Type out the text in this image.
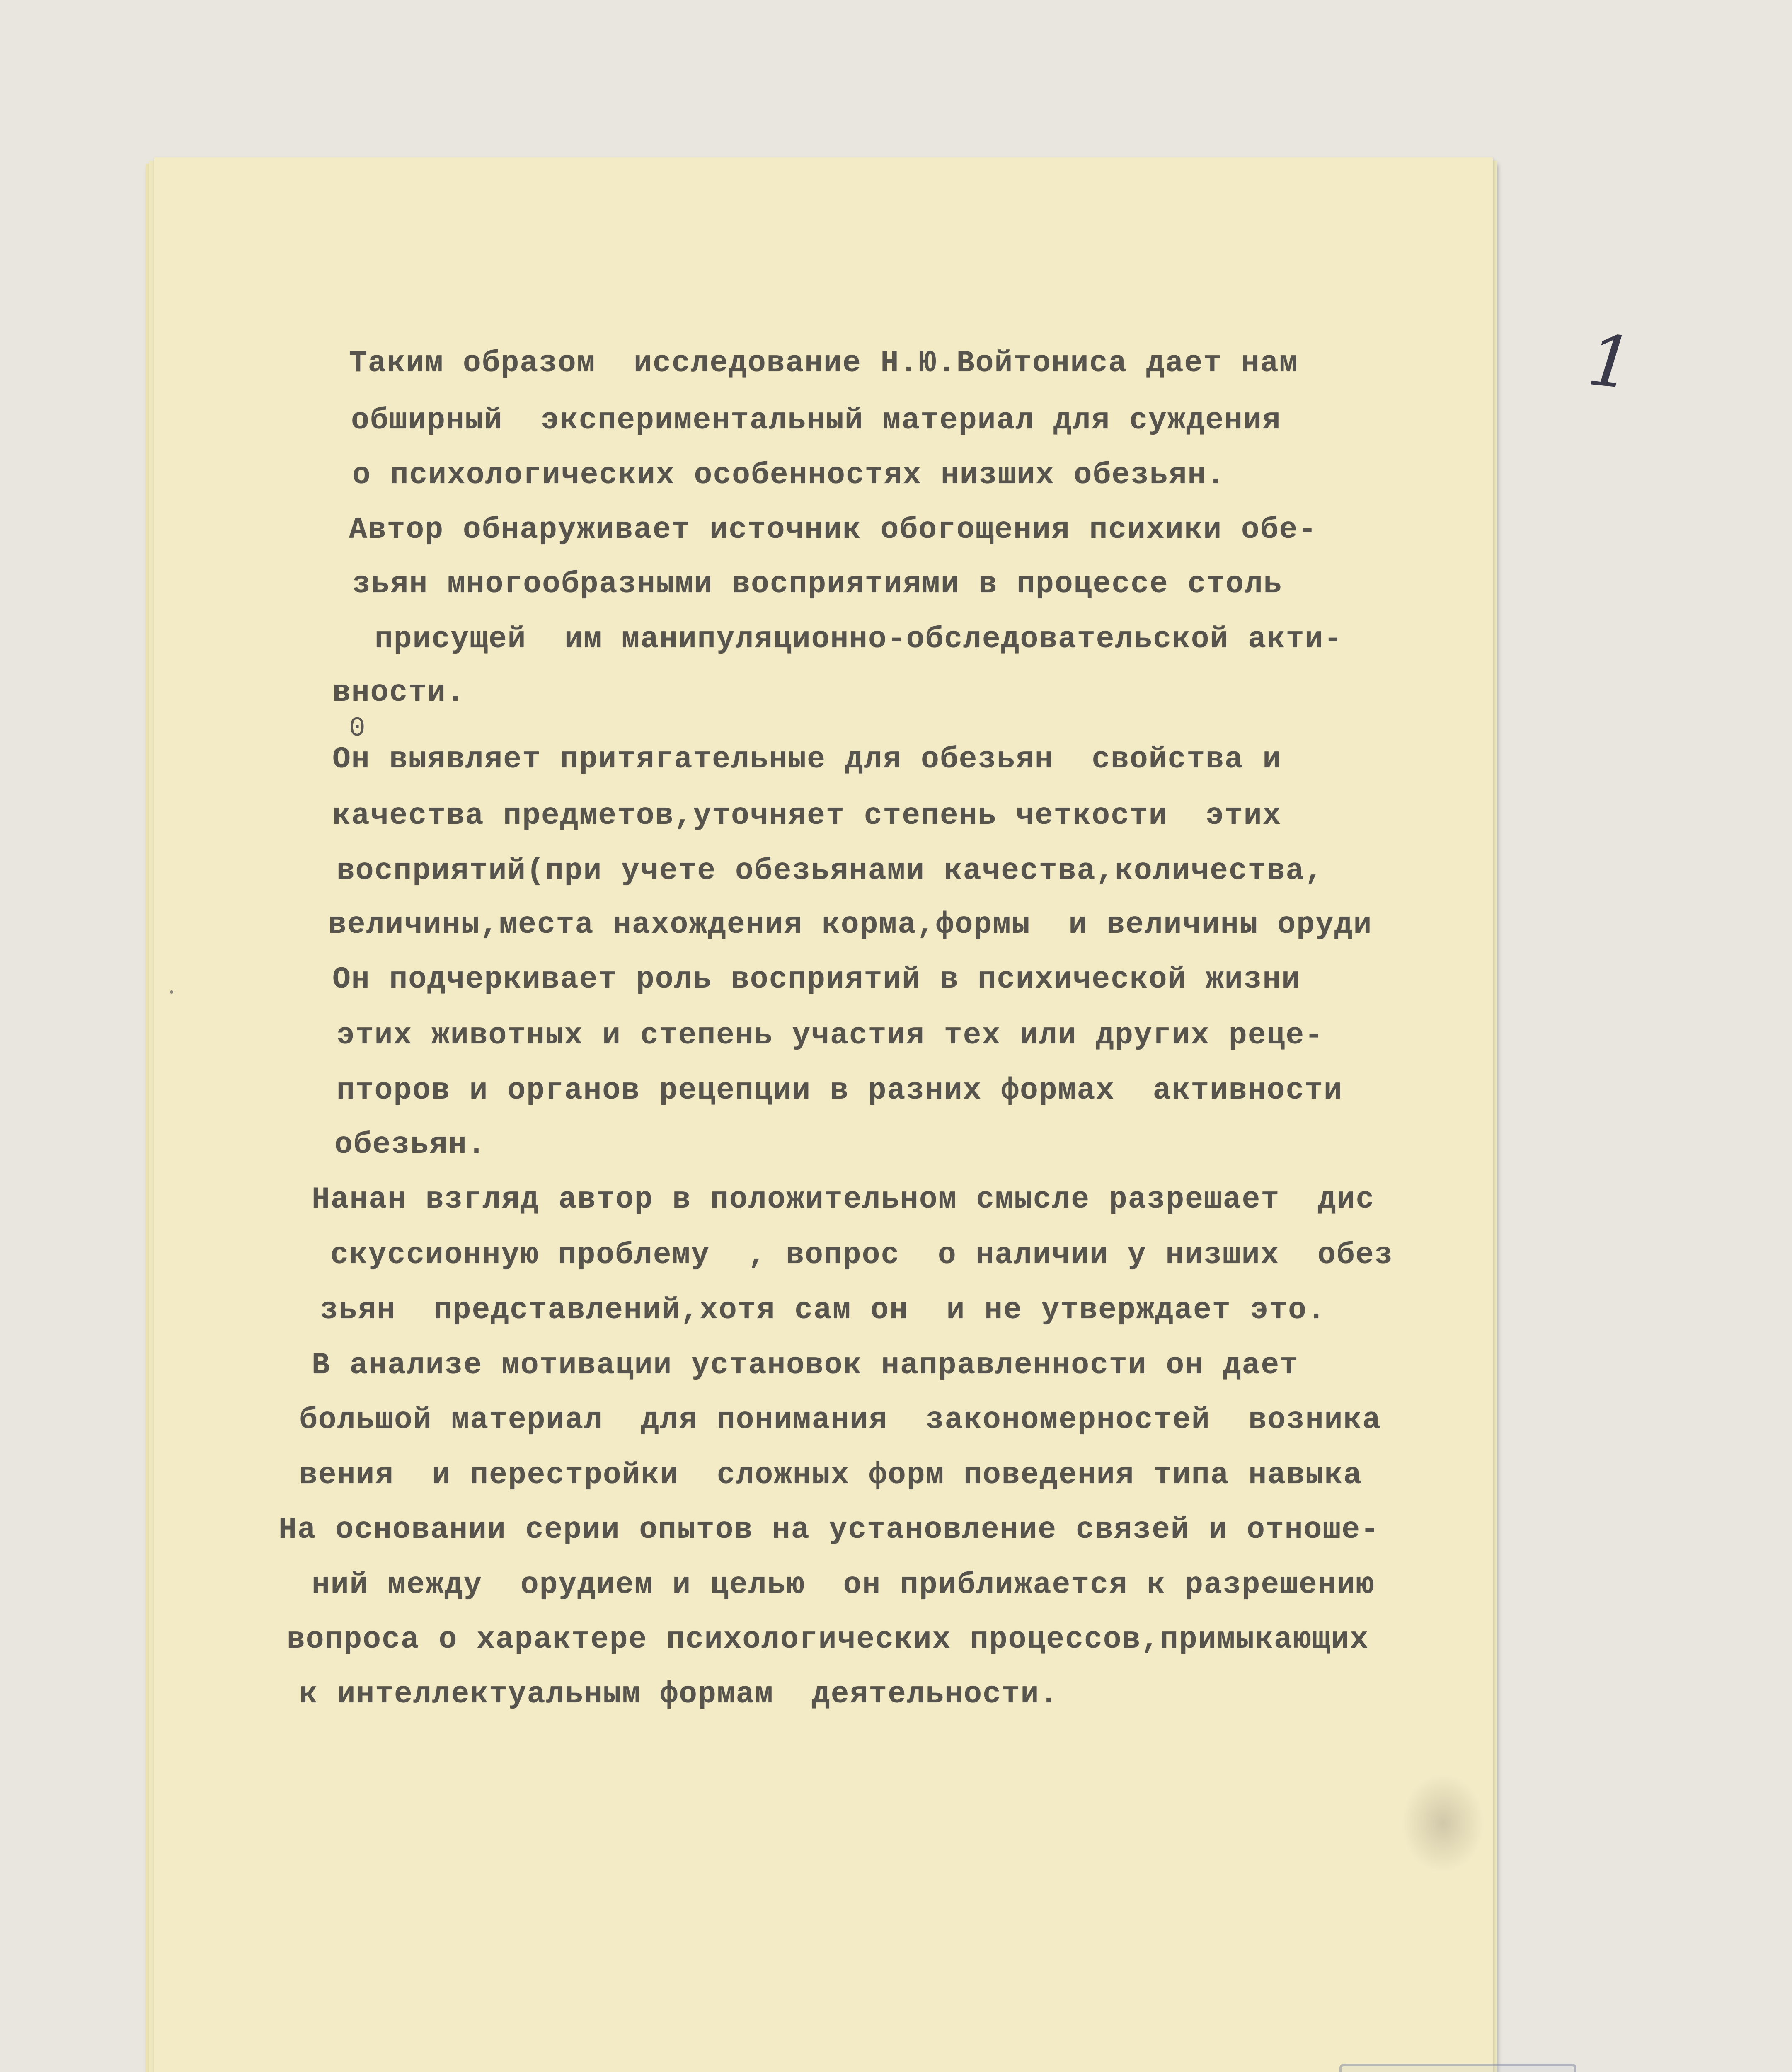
1
0
Таким образом  исследование Н.Ю.Войтониса дает нам
обширный  экспериментальный материал для суждения
о психологических особенностях низших обезьян.
Автор обнаруживает источник обогощения психики обе-
зьян многообразными восприятиями в процессе столь
присущей  им манипуляционно-обследовательской акти-
вности.
Он выявляет притягательные для обезьян  свойства и
качества предметов,уточняет степень четкости  этих
восприятий(при учете обезьянами качества,количества,
величины,места нахождения корма,формы  и величины оруди
Он подчеркивает роль восприятий в психической жизни
этих животных и степень участия тех или других рецe-
пторов и органов рецепции в разних формах  активности
обезьян.
Нанан взгляд автор в положительном смысле разрешает  дис
скуссионную проблему  , вопрос  о наличии у низших  обез
зьян  представлений,хотя сам он  и не утверждает это.
В анализе мотивации установок направленности он дает
большой материал  для понимания  закономерностей  возника
вения  и перестройки  сложных форм поведения типа навыка
На основании серии опытов на установление связей и отноше-
ний между  орудием и целью  он приближается к разрешению
вопроса о характере психологических процессов,примыкающих
к интеллектуальным формам  деятельности.
